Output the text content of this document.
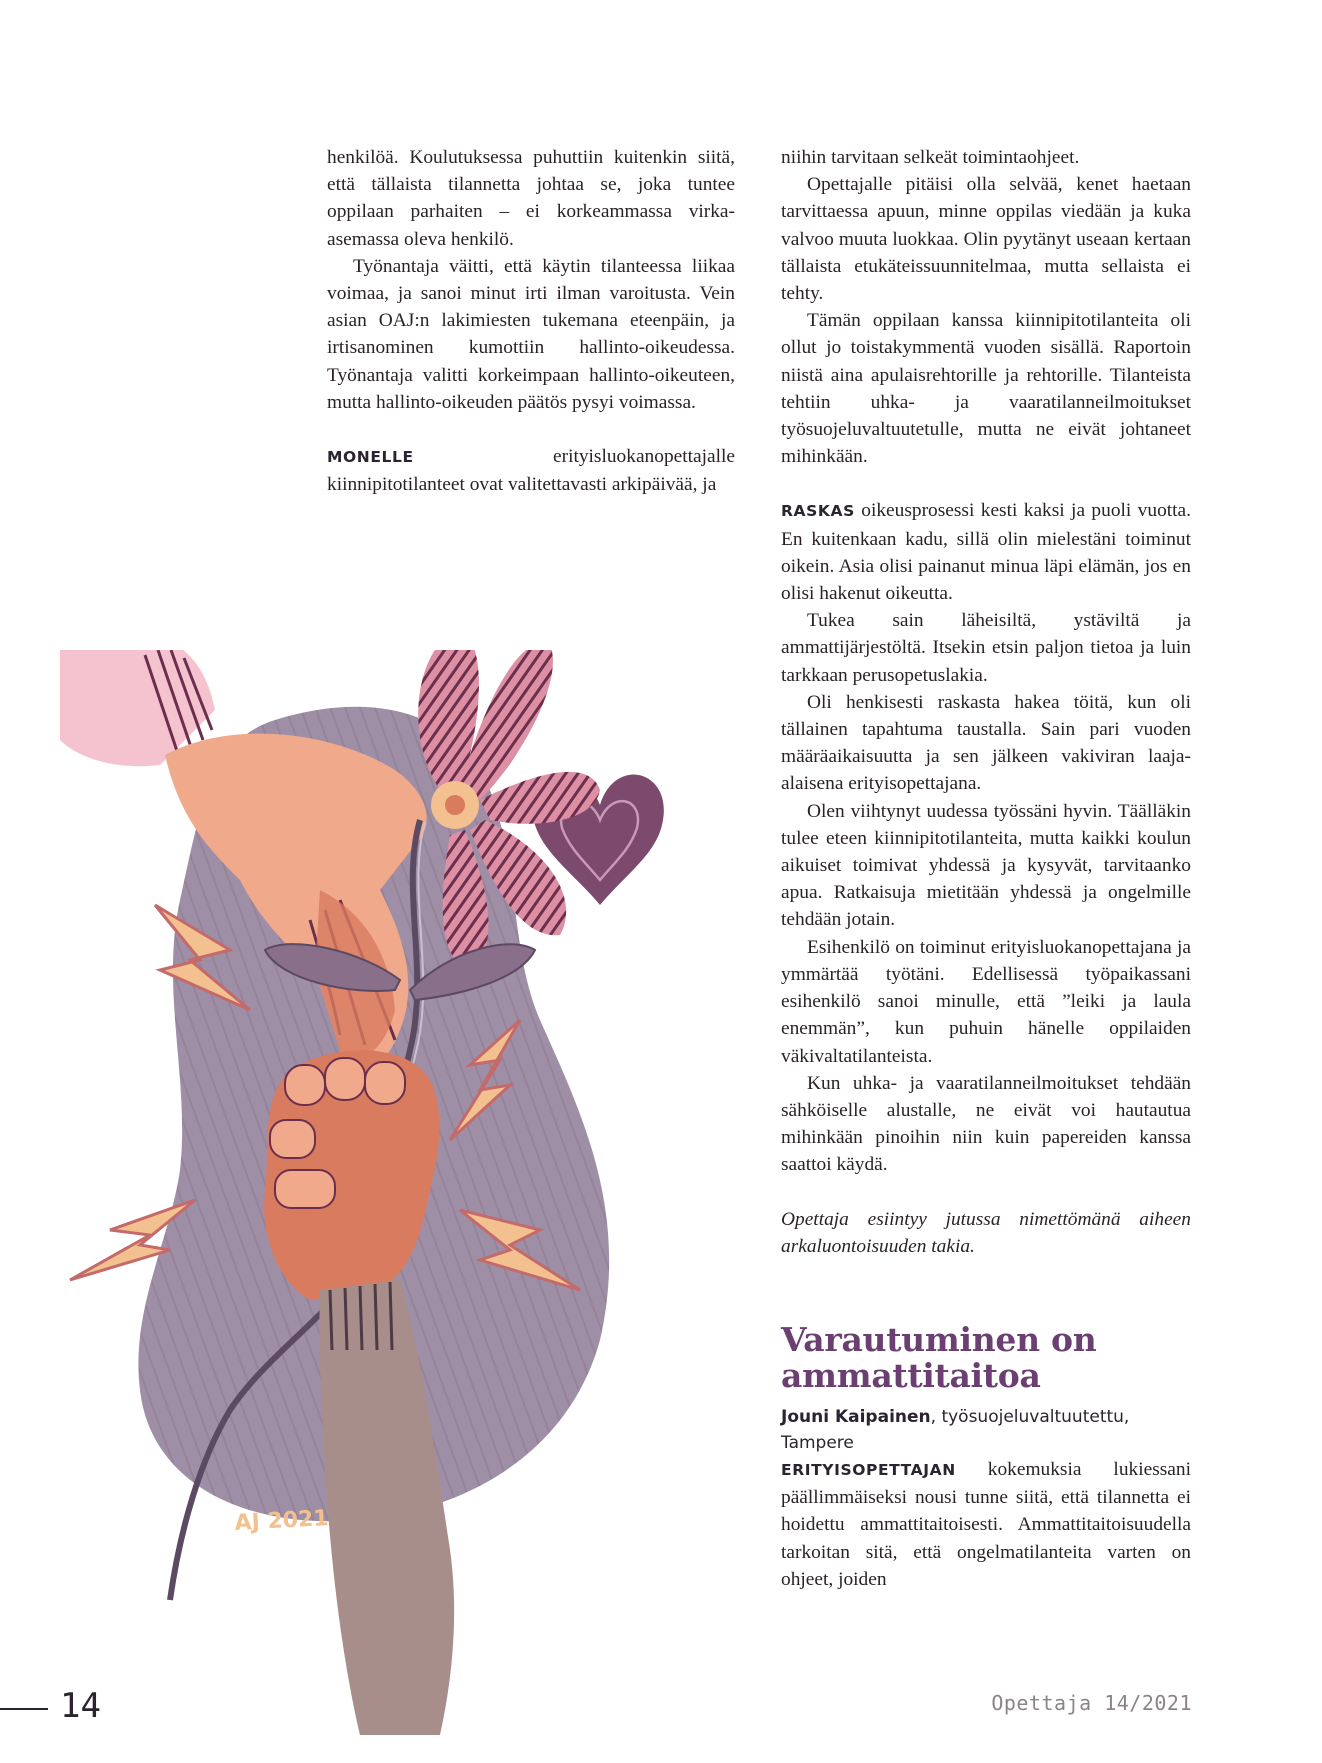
henkilöä. Koulutuksessa puhuttiin kuitenkin siitä, että tällaista tilannetta johtaa se, joka tuntee oppilaan parhaiten – ei korkeammassa virka-asemassa oleva henkilö.

Työnantaja väitti, että käytin tilanteessa liikaa voimaa, ja sanoi minut irti ilman varoitusta. Vein asian OAJ:n lakimiesten tukemana eteenpäin, ja irtisanominen kumottiin hallinto-oikeudessa. Työnantaja valitti korkeimpaan hallinto-oikeuteen, mutta hallinto-oikeuden päätös pysyi voimassa.

MONELLE erityisluokanopettajalle kiinnipitotilanteet ovat valitettavasti arkipäivää, ja

niihin tarvitaan selkeät toimintaohjeet.

Opettajalle pitäisi olla selvää, kenet haetaan tarvittaessa apuun, minne oppilas viedään ja kuka valvoo muuta luokkaa. Olin pyytänyt useaan kertaan tällaista etukäteissuunnitelmaa, mutta sellaista ei tehty.

Tämän oppilaan kanssa kiinnipitotilanteita oli ollut jo toistakymmentä vuoden sisällä. Raportoin niistä aina apulaisrehtorille ja rehtorille. Tilanteista tehtiin uhka- ja vaaratilanneilmoitukset työsuojeluvaltuutetulle, mutta ne eivät johtaneet mihinkään.

RASKAS oikeusprosessi kesti kaksi ja puoli vuotta. En kuitenkaan kadu, sillä olin mielestäni toiminut oikein. Asia olisi painanut minua läpi elämän, jos en olisi hakenut oikeutta.

Tukea sain läheisiltä, ystäviltä ja ammattijärjestöltä. Itsekin etsin paljon tietoa ja luin tarkkaan perusopetuslakia.

Oli henkisesti raskasta hakea töitä, kun oli tällainen tapahtuma taustalla. Sain pari vuoden määräaikaisuutta ja sen jälkeen vakiviran laaja-alaisena erityisopettajana.

Olen viihtynyt uudessa työssäni hyvin. Täälläkin tulee eteen kiinnipitotilanteita, mutta kaikki koulun aikuiset toimivat yhdessä ja kysyvät, tarvitaanko apua. Ratkaisuja mietitään yhdessä ja ongelmille tehdään jotain.

Esihenkilö on toiminut erityisluokanopettajana ja ymmärtää työtäni. Edellisessä työpaikassani esihenkilö sanoi minulle, että ”leiki ja laula enemmän”, kun puhuin hänelle oppilaiden väkivaltatilanteista.

Kun uhka- ja vaaratilanneilmoitukset tehdään sähköiselle alustalle, ne eivät voi hautautua mihinkään pinoihin niin kuin papereiden kanssa saattoi käydä.

Opettaja esiintyy jutussa nimettömänä aiheen arkaluontoisuuden takia.

Varautuminen on ammattitaitoa

Jouni Kaipainen, työsuojeluvaltuutettu, Tampere

ERITYISOPETTAJAN kokemuksia lukiessani päällimmäiseksi nousi tunne siitä, että tilannetta ei hoidettu ammattitaitoisesti. Ammattitaitoisuudella tarkoitan sitä, että ongelmatilanteita varten on ohjeet, joiden

AJ 2021
14	Opettaja 14/2021
